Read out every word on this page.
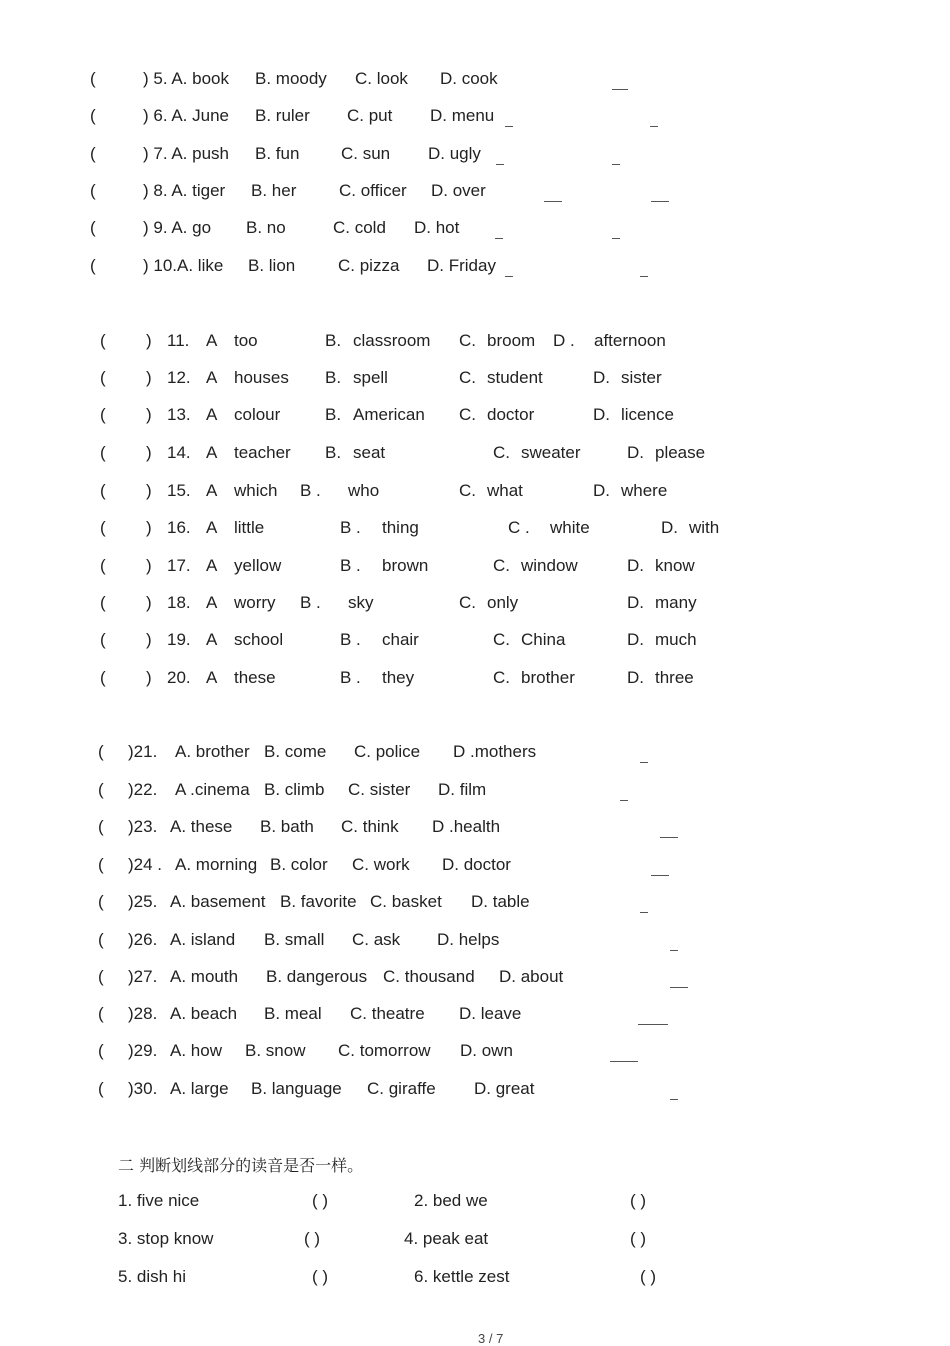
(	) 5. A. book B. moody C. look D. cook
(	) 6. A. June B. ruler C. put D. menu
(	) 7. A. push B. fun C. sun D. ugly
(	) 8. A. tiger B. her	C. officer D. over
(	) 9. A. go B. no	C. cold D. hot
(	) 10.A. like B. lion	C. pizza D. Friday
( ) 11. A too	B. classroom C. broom D . afternoon
( ) 12. A houses B. spell	C. student	D. sister
( ) 13. A colour	B. American C. doctor	D. licence
( ) 14. A teacher B. seat	C. sweater	D. please
( ) 15. A which B . who	C. what	D. where
( ) 16. A little	B . thing	C . white	D. with
( ) 17. A yellow	B . brown	C. window	D. know
( ) 18. A worry B . sky	C. only	D. many
( ) 19. A school	B . chair	C. China	D. much
( ) 20. A these	B . they	C. brother	D. three
( )21. A. brother B. come C. police D .mothers
( )22. A .cinema B. climb C. sister D. film
( )23. A. these B. bath C. think D .health
( )24 . A. morning B. color C. work D. doctor
( )25. A. basement B. favorite C. basket D. table
( )26. A. island B. small C. ask D. helps
( )27. A. mouth B. dangerous C. thousand D. about
( )28. A. beach B. meal C. theatre D. leave
( )29. A. how B. snow C. tomorrow D. own
( )30. A. large B. language C. giraffe D. great
二 判断划线部分的读音是否一样。
1. five nice	( )	2. bed we	( )
3. stop know	( )	4. peak eat	( )
5. dish hi	( )	6. kettle zest	( )
3 / 7
